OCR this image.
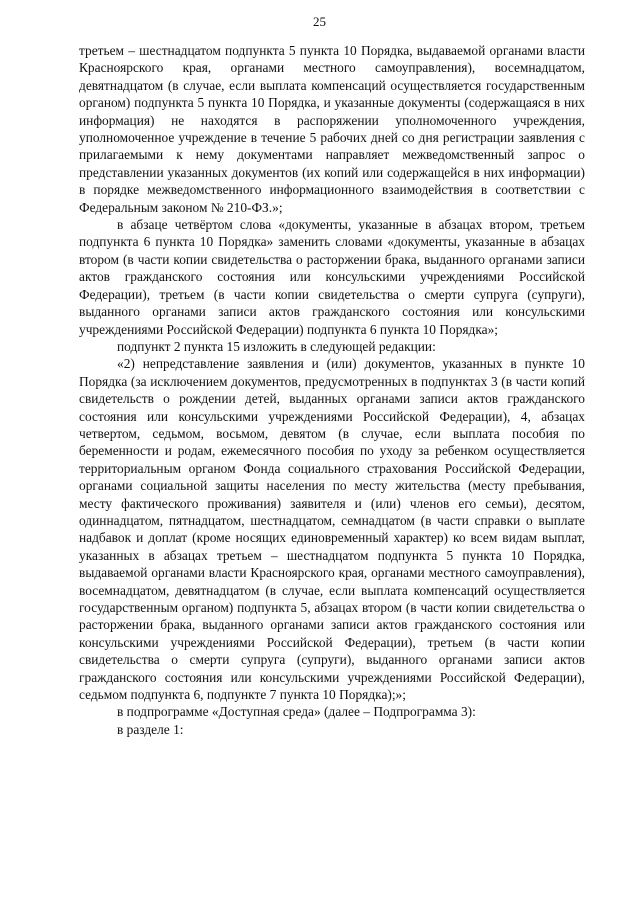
25

третьем – шестнадцатом подпункта 5 пункта 10 Порядка, выдаваемой органами власти Красноярского края, органами местного самоуправления), восемнадцатом, девятнадцатом (в случае, если выплата компенсаций осуществляется государственным органом) подпункта 5 пункта 10 Порядка, и указанные документы (содержащаяся в них информация) не находятся в распоряжении уполномоченного учреждения, уполномоченное учреждение в течение 5 рабочих дней со дня регистрации заявления с прилагаемыми к нему документами направляет межведомственный запрос о представлении указанных документов (их копий или содержащейся в них информации) в порядке межведомственного информационного взаимодействия в соответствии с Федеральным законом № 210-ФЗ.»;

в абзаце четвёртом слова «документы, указанные в абзацах втором, третьем подпункта 6 пункта 10 Порядка» заменить словами «документы, указанные в абзацах втором (в части копии свидетельства о расторжении брака, выданного органами записи актов гражданского состояния или консульскими учреждениями Российской Федерации), третьем (в части копии свидетельства о смерти супруга (супруги), выданного органами записи актов гражданского состояния или консульскими учреждениями Российской Федерации) подпункта 6 пункта 10 Порядка»;

подпункт 2 пункта 15 изложить в следующей редакции:

«2) непредставление заявления и (или) документов, указанных в пункте 10 Порядка (за исключением документов, предусмотренных в подпунктах 3 (в части копий свидетельств о рождении детей, выданных органами записи актов гражданского состояния или консульскими учреждениями Российской Федерации), 4, абзацах четвертом, седьмом, восьмом, девятом (в случае, если выплата пособия по беременности и родам, ежемесячного пособия по уходу за ребенком осуществляется территориальным органом Фонда социального страхования Российской Федерации, органами социальной защиты населения по месту жительства (месту пребывания, месту фактического проживания) заявителя и (или) членов его семьи), десятом, одиннадцатом, пятнадцатом, шестнадцатом, семнадцатом (в части справки о выплате надбавок и доплат (кроме носящих единовременный характер) ко всем видам выплат, указанных в абзацах третьем – шестнадцатом подпункта 5 пункта 10 Порядка, выдаваемой органами власти Красноярского края, органами местного самоуправления), восемнадцатом, девятнадцатом (в случае, если выплата компенсаций осуществляется государственным органом) подпункта 5, абзацах втором (в части копии свидетельства о расторжении брака, выданного органами записи актов гражданского состояния или консульскими учреждениями Российской Федерации), третьем (в части копии свидетельства о смерти супруга (супруги), выданного органами записи актов гражданского состояния или консульскими учреждениями Российской Федерации), седьмом подпункта 6, подпункте 7 пункта 10 Порядка);»;

в подпрограмме «Доступная среда» (далее – Подпрограмма 3):

в разделе 1:
